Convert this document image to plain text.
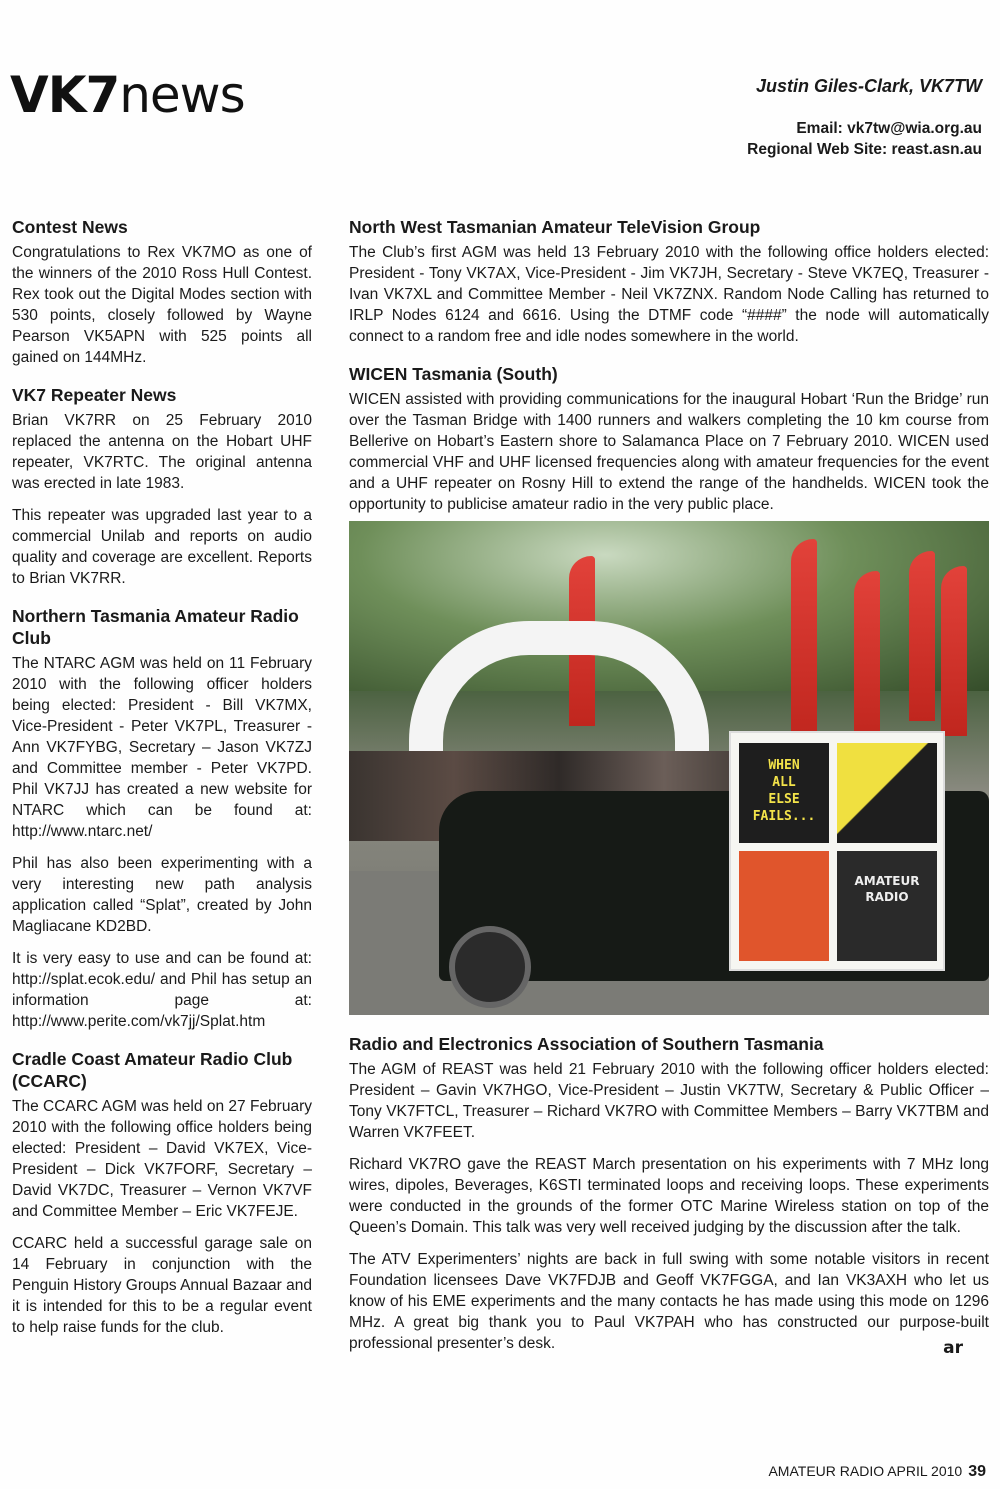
VK7news	Justin Giles-Clark, VK7TW
Email: vk7tw@wia.org.au
Regional Web Site: reast.asn.au
Contest News

Congratulations to Rex VK7MO as one of the winners of the 2010 Ross Hull Contest. Rex took out the Digital Modes section with 530 points, closely followed by Wayne Pearson VK5APN with 525 points all gained on 144MHz.

VK7 Repeater News

Brian VK7RR on 25 February 2010 replaced the antenna on the Hobart UHF repeater, VK7RTC. The original antenna was erected in late 1983.

This repeater was upgraded last year to a commercial Unilab and reports on audio quality and coverage are excellent. Reports to Brian VK7RR.

Northern Tasmania Amateur Radio Club

The NTARC AGM was held on 11 February 2010 with the following officer holders being elected: President - Bill VK7MX, Vice-President - Peter VK7PL, Treasurer - Ann VK7FYBG, Secretary – Jason VK7ZJ and Committee member - Peter VK7PD. Phil VK7JJ has created a new website for NTARC which can be found at: http://www.ntarc.net/

Phil has also been experimenting with a very interesting new path analysis application called “Splat”, created by John Magliacane KD2BD.

It is very easy to use and can be found at: http://splat.ecok.edu/ and Phil has setup an information page at: http://www.perite.com/vk7jj/Splat.htm

Cradle Coast Amateur Radio Club (CCARC)

The CCARC AGM was held on 27 February 2010 with the following office holders being elected: President – David VK7EX, Vice-President – Dick VK7FORF, Secretary – David VK7DC, Treasurer – Vernon VK7VF and Committee Member – Eric VK7FEJE.

CCARC held a successful garage sale on 14 February in conjunction with the Penguin History Groups Annual Bazaar and it is intended for this to be a regular event to help raise funds for the club.

North West Tasmanian Amateur TeleVision Group

The Club’s first AGM was held 13 February 2010 with the following office holders elected: President - Tony VK7AX, Vice-President - Jim VK7JH, Secretary - Steve VK7EQ, Treasurer - Ivan VK7XL and Committee Member - Neil VK7ZNX. Random Node Calling has returned to IRLP Nodes 6124 and 6616. Using the DTMF code “####” the node will automatically connect to a random free and idle nodes somewhere in the world.

WICEN Tasmania (South)

WICEN assisted with providing communications for the inaugural Hobart ‘Run the Bridge’ run over the Tasman Bridge with 1400 runners and walkers completing the 10 km course from Bellerive on Hobart’s Eastern shore to Salamanca Place on 7 February 2010. WICEN used commercial VHF and UHF licensed frequencies along with amateur frequencies for the event and a UHF repeater on Rosny Hill to extend the range of the handhelds. WICEN took the opportunity to publicise amateur radio in the very public place.

WHEN
ALL
ELSE
FAILS...
AMATEUR
RADIO
Radio and Electronics Association of Southern Tasmania

The AGM of REAST was held 21 February 2010 with the following officer holders elected: President – Gavin VK7HGO, Vice-President – Justin VK7TW, Secretary & Public Officer – Tony VK7FTCL, Treasurer – Richard VK7RO with Committee Members – Barry VK7TBM and Warren VK7FEET.

Richard VK7RO gave the REAST March presentation on his experiments with 7 MHz long wires, dipoles, Beverages, K6STI terminated loops and receiving loops. These experiments were conducted in the grounds of the former OTC Marine Wireless station on top of the Queen’s Domain. This talk was very well received judging by the discussion after the talk.

The ATV Experimenters’ nights are back in full swing with some notable visitors in recent Foundation licensees Dave VK7FDJB and Geoff VK7FGGA, and Ian VK3AXH who let us know of his EME experiments and the many contacts he has made using this mode on 1296 MHz. A great big thank you to Paul VK7PAH who has constructed our purpose-built professional presenter’s desk.	ar
AMATEUR RADIO APRIL 2010 39
